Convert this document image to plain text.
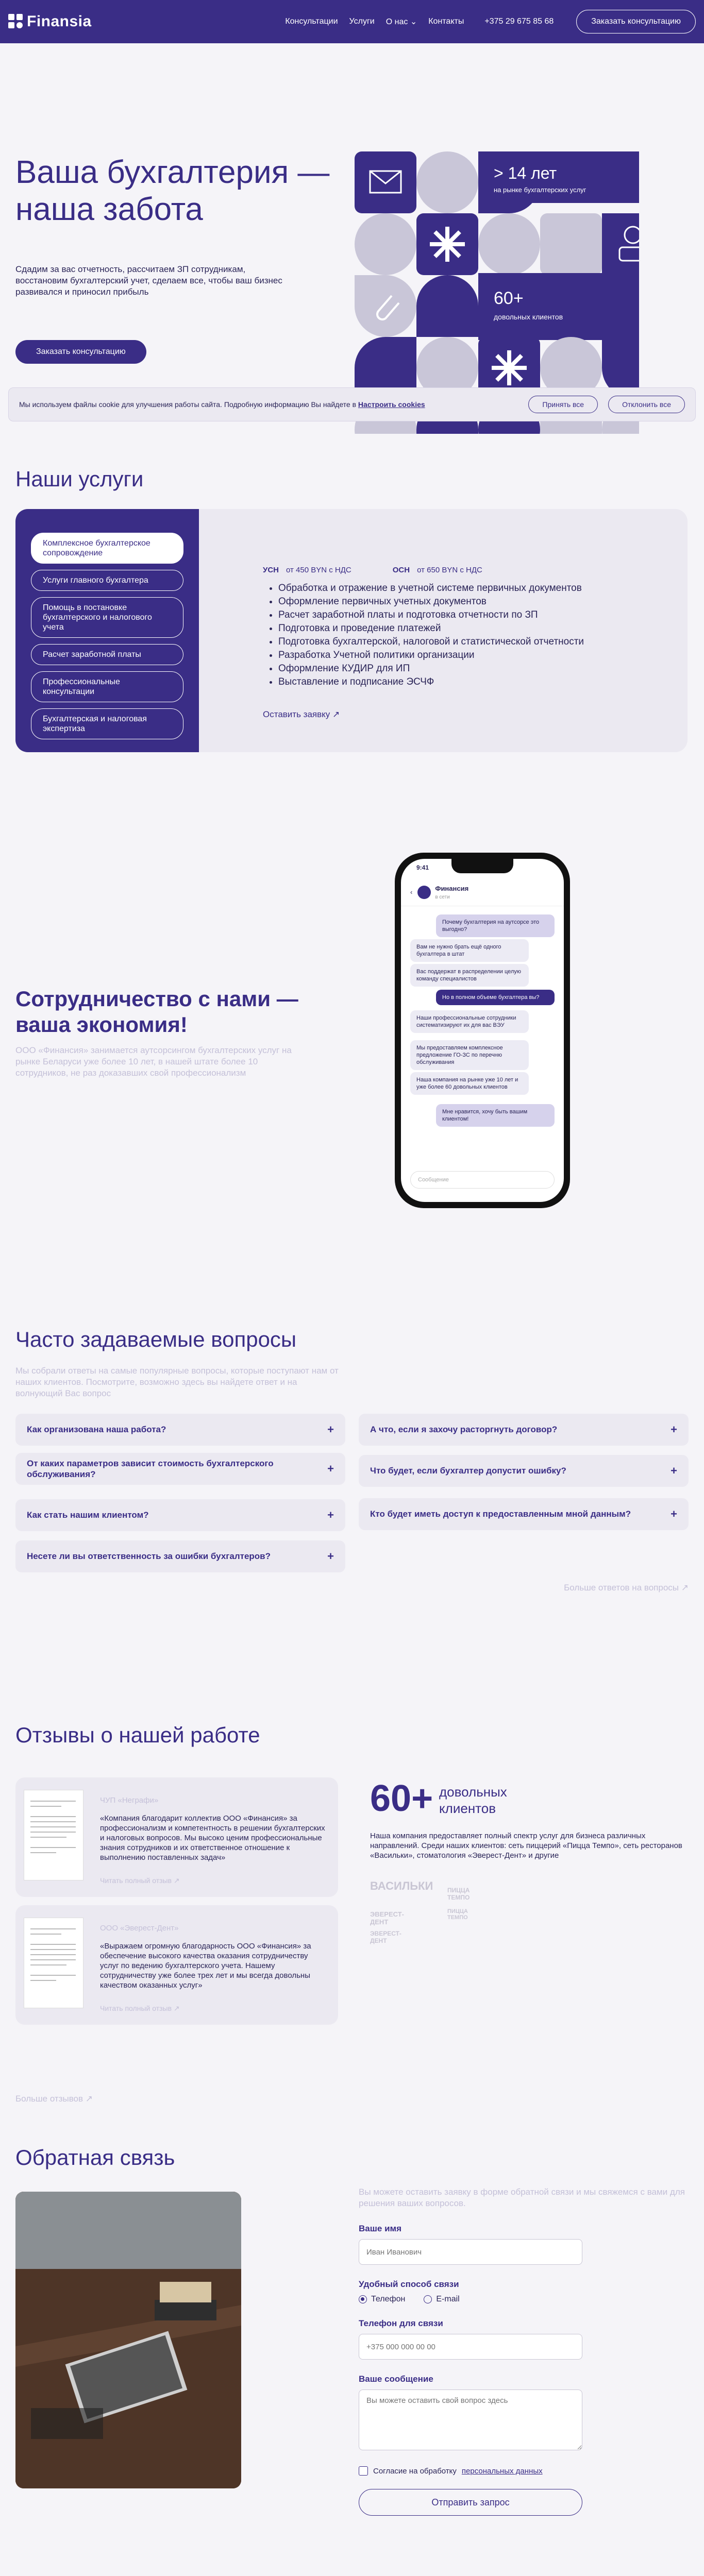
Finansia	Консультации Услуги О нас ⌄ Контакты	+375 29 675 85 68	Заказать консультацию
Ваша бухгалтерия — наша забота

Сдадим за вас отчетность, рассчитаем ЗП сотрудникам, восстановим бухгалтерский учет, сделаем все, чтобы ваш бизнес развивался и приносил прибыль

Заказать консультацию
> 14 лет
на рынке бухгалтерских услуг
60+
довольных клиентов
Мы используем файлы cookie для улучшения работы сайта. Подробную информацию Вы найдете в Настроить cookies	Принять все	Отклонить все
Наши услуги
Комплексное бухгалтерское сопровождение
Услуги главного бухгалтера
Помощь в постановке бухгалтерского и налогового учета
Расчет заработной платы
Профессиональные консультации
Бухгалтерская и налоговая экспертиза
УСН от 450 BYN с НДС	ОСН от 650 BYN с НДС
• Обработка и отражение в учетной системе первичных документов
• Оформление первичных учетных документов
• Расчет заработной платы и подготовка отчетности по ЗП
• Подготовка и проведение платежей
• Подготовка бухгалтерской, налоговой и статистической отчетности
• Разработка Учетной политики организации
• Оформление КУДИР для ИП
• Выставление и подписание ЭСЧФ
Оставить заявку ↗
Сотрудничество с нами — ваша экономия!

ООО «Финансия» занимается аутсорсингом бухгалтерских услуг на рынке Беларуси уже более 10 лет, в нашей штате более 10 сотрудников, не раз доказавших свой профессионализм

9:41
‹	Финансия
в сети
Почему бухгалтерия на аутсорсе это выгодно?
Вам не нужно брать ещё одного бухгалтера в штат
Вас поддержат в распределении целую команду специалистов
Но в полном объеме бухгалтера вы?
Наши профессиональные сотрудники систематизируют их для вас ВЭУ
Мы предоставляем комплексное предложение ГО-ЗС по перечню обслуживания
Наша компания на рынке уже 10 лет и уже более 60 довольных клиентов
Мне нравится, хочу быть вашим клиентом!
Сообщение
Часто задаваемые вопросы

Мы собрали ответы на самые популярные вопросы, которые поступают нам от наших клиентов. Посмотрите, возможно здесь вы найдете ответ и на волнующий Вас вопрос

Как организована наша работа?	+
От каких параметров зависит стоимость бухгалтерского обслуживания?	+
Как стать нашим клиентом?	+
Несете ли вы ответственность за ошибки бухгалтеров?	+
А что, если я захочу расторгнуть договор?	+
Что будет, если бухгалтер допустит ошибку?	+
Кто будет иметь доступ к предоставленным мной данным?	+
Больше ответов на вопросы ↗
Отзывы о нашей работе
ЧУП «Неграфи»
«Компания благодарит коллектив ООО «Финансия» за профессионализм и компетентность в решении бухгалтерских и налоговых вопросов. Мы высоко ценим профессиональные знания сотрудников и их ответственное отношение к выполнению поставленных задач»
Читать полный отзыв ↗
ООО «Эверест-Дент»
«Выражаем огромную благодарность ООО «Финансия» за обеспечение высокого качества оказания сотрудничеству услуг по ведению бухгалтерского учета. Нашему сотрудничеству уже более трех лет и мы всегда довольны качеством оказанных услуг»
Читать полный отзыв ↗
60+ довольных клиентов
Наша компания предоставляет полный спектр услуг для бизнеса различных направлений. Среди наших клиентов: сеть пиццерий «Пицца Темпо», сеть ресторанов «Васильки», стоматология «Эверест-Дент» и другие
ВАСИЛЬКИ ПИЦЦА ТЕМПО
ЭВЕРЕСТ-ДЕНТ
ПИЦЦА ТЕМПО
ЭВЕРЕСТ-ДЕНТ
Больше отзывов ↗
Обратная связь

Вы можете оставить заявку в форме обратной связи и мы свяжемся с вами для решения ваших вопросов.

Ваше имя
Иван Иванович
Удобный способ связи
Телефон	E-mail
Телефон для связи
+375 000 000 00 00
Ваше сообщение
Вы можете оставить свой вопрос здесь
Согласие на обработку персональных данных
Отправить запрос
